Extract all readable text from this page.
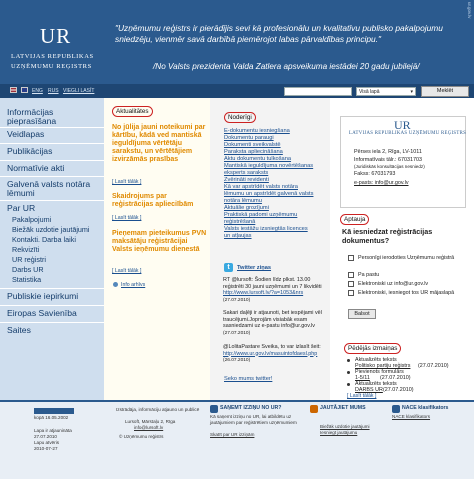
UR
LATVIJAS REPUBLIKAS
UZŅĒMUMU REĢISTRS
"Uzņēmumu reģistrs ir pierādījis sevi kā profesionālu un kvalitatīvu publisko pakalpojumu sniedzēju, vienmēr savā darbībā piemērojot labas pārvaldības principu."
/No Valsts prezidenta Valda Zatlera apsveikuma iestādei 20 gadu jubilejā/
ur.gov.lv
ENG RUS VIEGLI LASĪT	Visā lapā	▾	Meklēt
Informācijas pieprasīšana
Veidlapas
Publikācijas
Normatīvie akti
Galvenā valsts notāra lēmumi
Par UR
Pakalpojumi
Biežāk uzdotie jautājumi
Kontakti. Darba laiki
Rekvizīti
UR reģistri
Darbs UR
Statistika
Publiskie iepirkumi
Eiropas Savienība
Saites
Aktualitātes
No jūlija jauni noteikumi par kārtību, kādā ved mantiskā ieguldījuma vērtētāju sarakstu, un vērtētājiem izvirzāmās prasības
[ Lasīt tālāk ]
Skaidrojums par reģistrācijas aplieciībām
[ Lasīt tālāk ]
Pieņemam pieteikumus PVN maksātāju reģistrācijai Valsts ieņēmumu dienestā
[ Lasīt tālāk ]
Info arhīvs
Noderīgi
E-dokumentu iesniegšana
Dokumentu paraugi
Dokumenti sveikvalstē
Paraksta apliecināšana
Aktu dokumentu tulkošana
Mantiskā ieguldījuma novērtēšanas
eksperts saraksts
Zvērināti revidenti
Kā var apstrīdēt valsts notāra
lēmumu un apstrīdēt galvenā valsts
notāra lēmumu
Aktuālie grozījumi
Praktiskā padomi uzņēmumu
reģistrēšanā
Valsts iestāžu izsniegtās licences
un atļaujas
t	Twitter ziņas
RT @lursoft: Šodien līdz plkst. 13.00 reģistrēti 30 jauni uzņēmumi un 7 likvidēti http://www.lursoft.lv/?a=1053&nrs (27.07.2010)
Sakari daļēji ir atjaunoti, bet iespējami vēl traucējumi.Joprojām visiabāk esam sasniedzami uz e-pastu info@ur.gov.lv (27.07.2010)
@LolitaPastare Sveika, to var izlasīt šeit: http://www.ur.gov.lv/masuintofdaesl.php (26.07.2010)
Seko mums twitter!
UR
LATVIJAS REPUBLIKAS UZŅĒMUMU REĢISTRS
Pērses iela 2, Rīga, LV-1011
Informatīvais tālr.: 67031703
(Juridiskās konsultācijas nesniedz)
Fakss: 67031793
e-pasts: info@ur.gov.lv
Aptauja
Kā iesniedzat reģistrācijas dokumentus?
Personīgi ierodoties Uzņēmumu reģistrā
Pa pastu
Elektroniski uz info@ur.gov.lv
Elektroniski, iesniegot tos UR mājaslapā
Balsot
Pēdējās izmaiņas
Aktualizēts teksts
Politisko partiju reģistrs (27.07.2010)
Pievienots formulārs
1-5/11 (27.07.2010)
Aktualizēts teksts
DARBS UR (27.07.2010)
[ Lasīt tālāk ]
kopā 16.05.2002
Lapa ir atjaunināta
27.07.2010
Lapu atvēris
2010-07-27
Izstrādāja, informāciju atjauno un publicē
Lursoft, Mārstaļu 2, Rīga
info@lursoft.lv
© Uzņēmumu reģistrs
SAŅEMT IZZIŅU NO UR?
Kā saņemt izziņu no UR, lai atbildētu uz jautājumiem par reģistrētiem uzņēmumiem
Skatīt par UR izziņām
JAUTĀJIET MUMS
Biežāk uzdotie jautājumi
Iesniegt jautājumu
NACE klasifikators
NACE klasifikators
